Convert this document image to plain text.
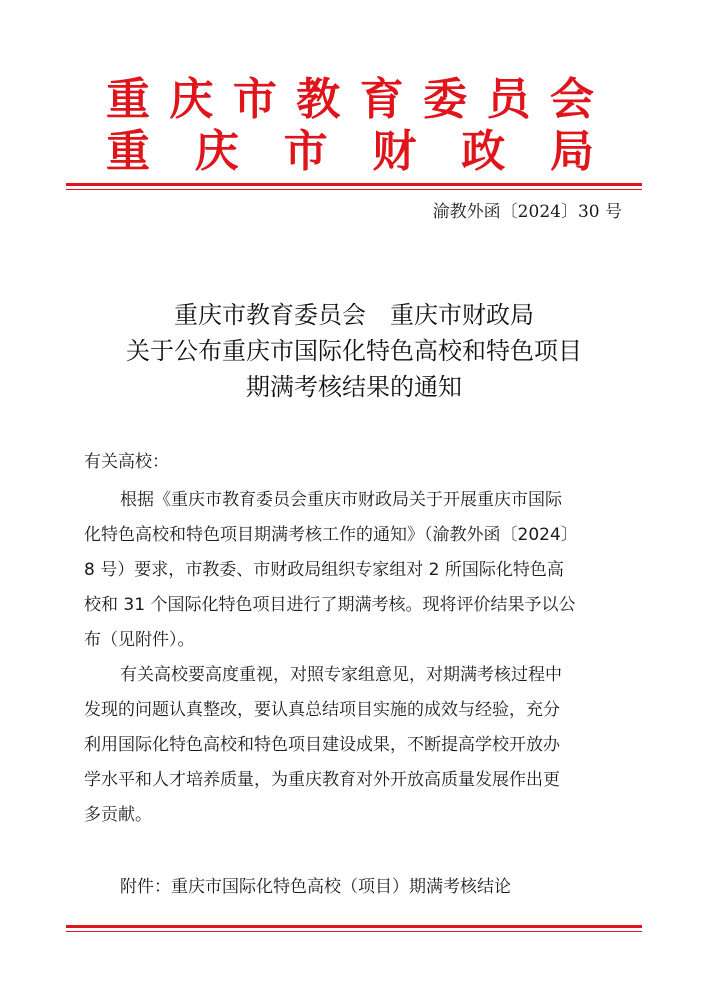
重 庆 市 教 育 委 员 会
重 庆 市 财 政 局
渝教外函〔2024〕30 号
重庆市教育委员会　重庆市财政局
关于公布重庆市国际化特色高校和特色项目
期满考核结果的通知
有关高校：
根据《重庆市教育委员会重庆市财政局关于开展重庆市国际
化特色高校和特色项目期满考核工作的通知》（渝教外函〔2024〕
8 号）要求，市教委、市财政局组织专家组对 2 所国际化特色高
校和 31 个国际化特色项目进行了期满考核。现将评价结果予以公
布（见附件）。
有关高校要高度重视，对照专家组意见，对期满考核过程中
发现的问题认真整改，要认真总结项目实施的成效与经验，充分
利用国际化特色高校和特色项目建设成果，不断提高学校开放办
学水平和人才培养质量，为重庆教育对外开放高质量发展作出更
多贡献。
附件：重庆市国际化特色高校（项目）期满考核结论
